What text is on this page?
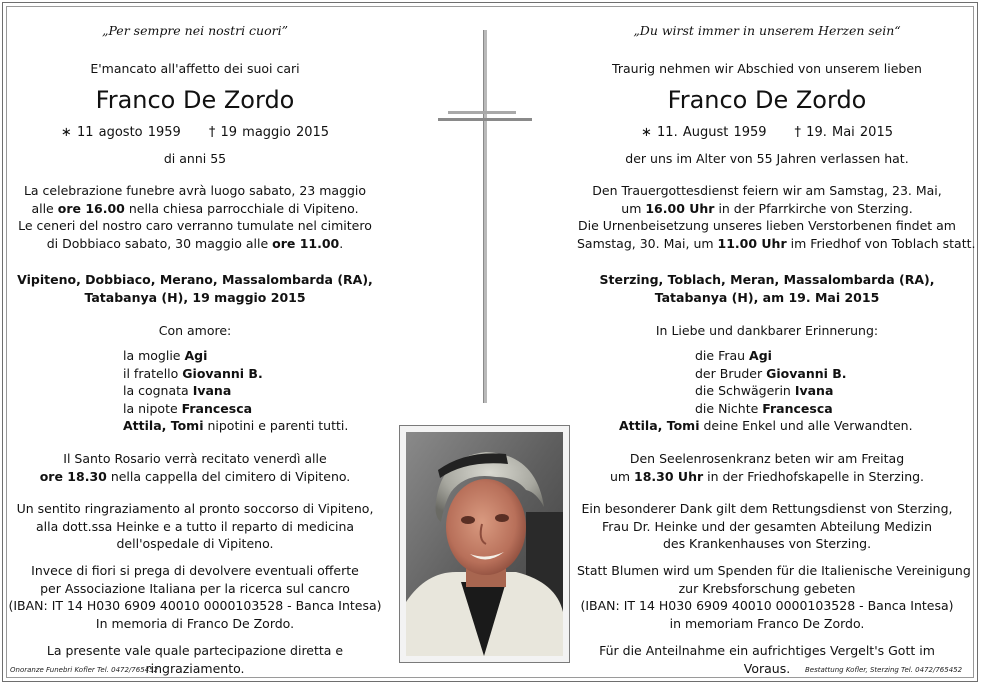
„Per sempre nei nostri cuori”
E'mancato all'affetto dei suoi cari
Franco De Zordo
∗ 11 agosto 1959 † 19 maggio 2015
di anni 55
La celebrazione funebre avrà luogo sabato, 23 maggio
alle ore 16.00 nella chiesa parrocchiale di Vipiteno.
Le ceneri del nostro caro verranno tumulate nel cimitero
di Dobbiaco sabato, 30 maggio alle ore 11.00.
Vipiteno, Dobbiaco, Merano, Massalombarda (RA),
Tatabanya (H), 19 maggio 2015
Con amore:
la moglie Agi
il fratello Giovanni B.
la cognata Ivana
la nipote Francesca
Attila, Tomi nipotini e parenti tutti.
Il Santo Rosario verrà recitato venerdì alle
ore 18.30 nella cappella del cimitero di Vipiteno.
Un sentito ringraziamento al pronto soccorso di Vipiteno,
alla dott.ssa Heinke e a tutto il reparto di medicina
dell'ospedale di Vipiteno.
Invece di fiori si prega di devolvere eventuali offerte
per Associazione Italiana per la ricerca sul cancro
(IBAN: IT 14 H030 6909 40010 0000103528 - Banca Intesa)
In memoria di Franco De Zordo.
La presente vale quale partecipazione diretta e ringraziamento.
„Du wirst immer in unserem Herzen sein“
Traurig nehmen wir Abschied von unserem lieben
Franco De Zordo
∗ 11. August 1959 † 19. Mai 2015
der uns im Alter von 55 Jahren verlassen hat.
Den Trauergottesdienst feiern wir am Samstag, 23. Mai,
um 16.00 Uhr in der Pfarrkirche von Sterzing.
Die Urnenbeisetzung unseres lieben Verstorbenen findet am
Samstag, 30. Mai, um 11.00 Uhr im Friedhof von Toblach statt.
Sterzing, Toblach, Meran, Massalombarda (RA),
Tatabanya (H), am 19. Mai 2015
In Liebe und dankbarer Erinnerung:
die Frau Agi
der Bruder Giovanni B.
die Schwägerin Ivana
die Nichte Francesca
Attila, Tomi deine Enkel und alle Verwandten.
Den Seelenrosenkranz beten wir am Freitag
um 18.30 Uhr in der Friedhofskapelle in Sterzing.
Ein besonderer Dank gilt dem Rettungsdienst von Sterzing,
Frau Dr. Heinke und der gesamten Abteilung Medizin
des Krankenhauses von Sterzing.
Statt Blumen wird um Spenden für die Italienische Vereinigung
zur Krebsforschung gebeten
(IBAN: IT 14 H030 6909 40010 0000103528 - Banca Intesa)
in memoriam Franco De Zordo.
Für die Anteilnahme ein aufrichtiges Vergelt's Gott im Voraus.
Onoranze Funebri Kofler Tel. 0472/765452	Bestattung Kofler, Sterzing Tel. 0472/765452
